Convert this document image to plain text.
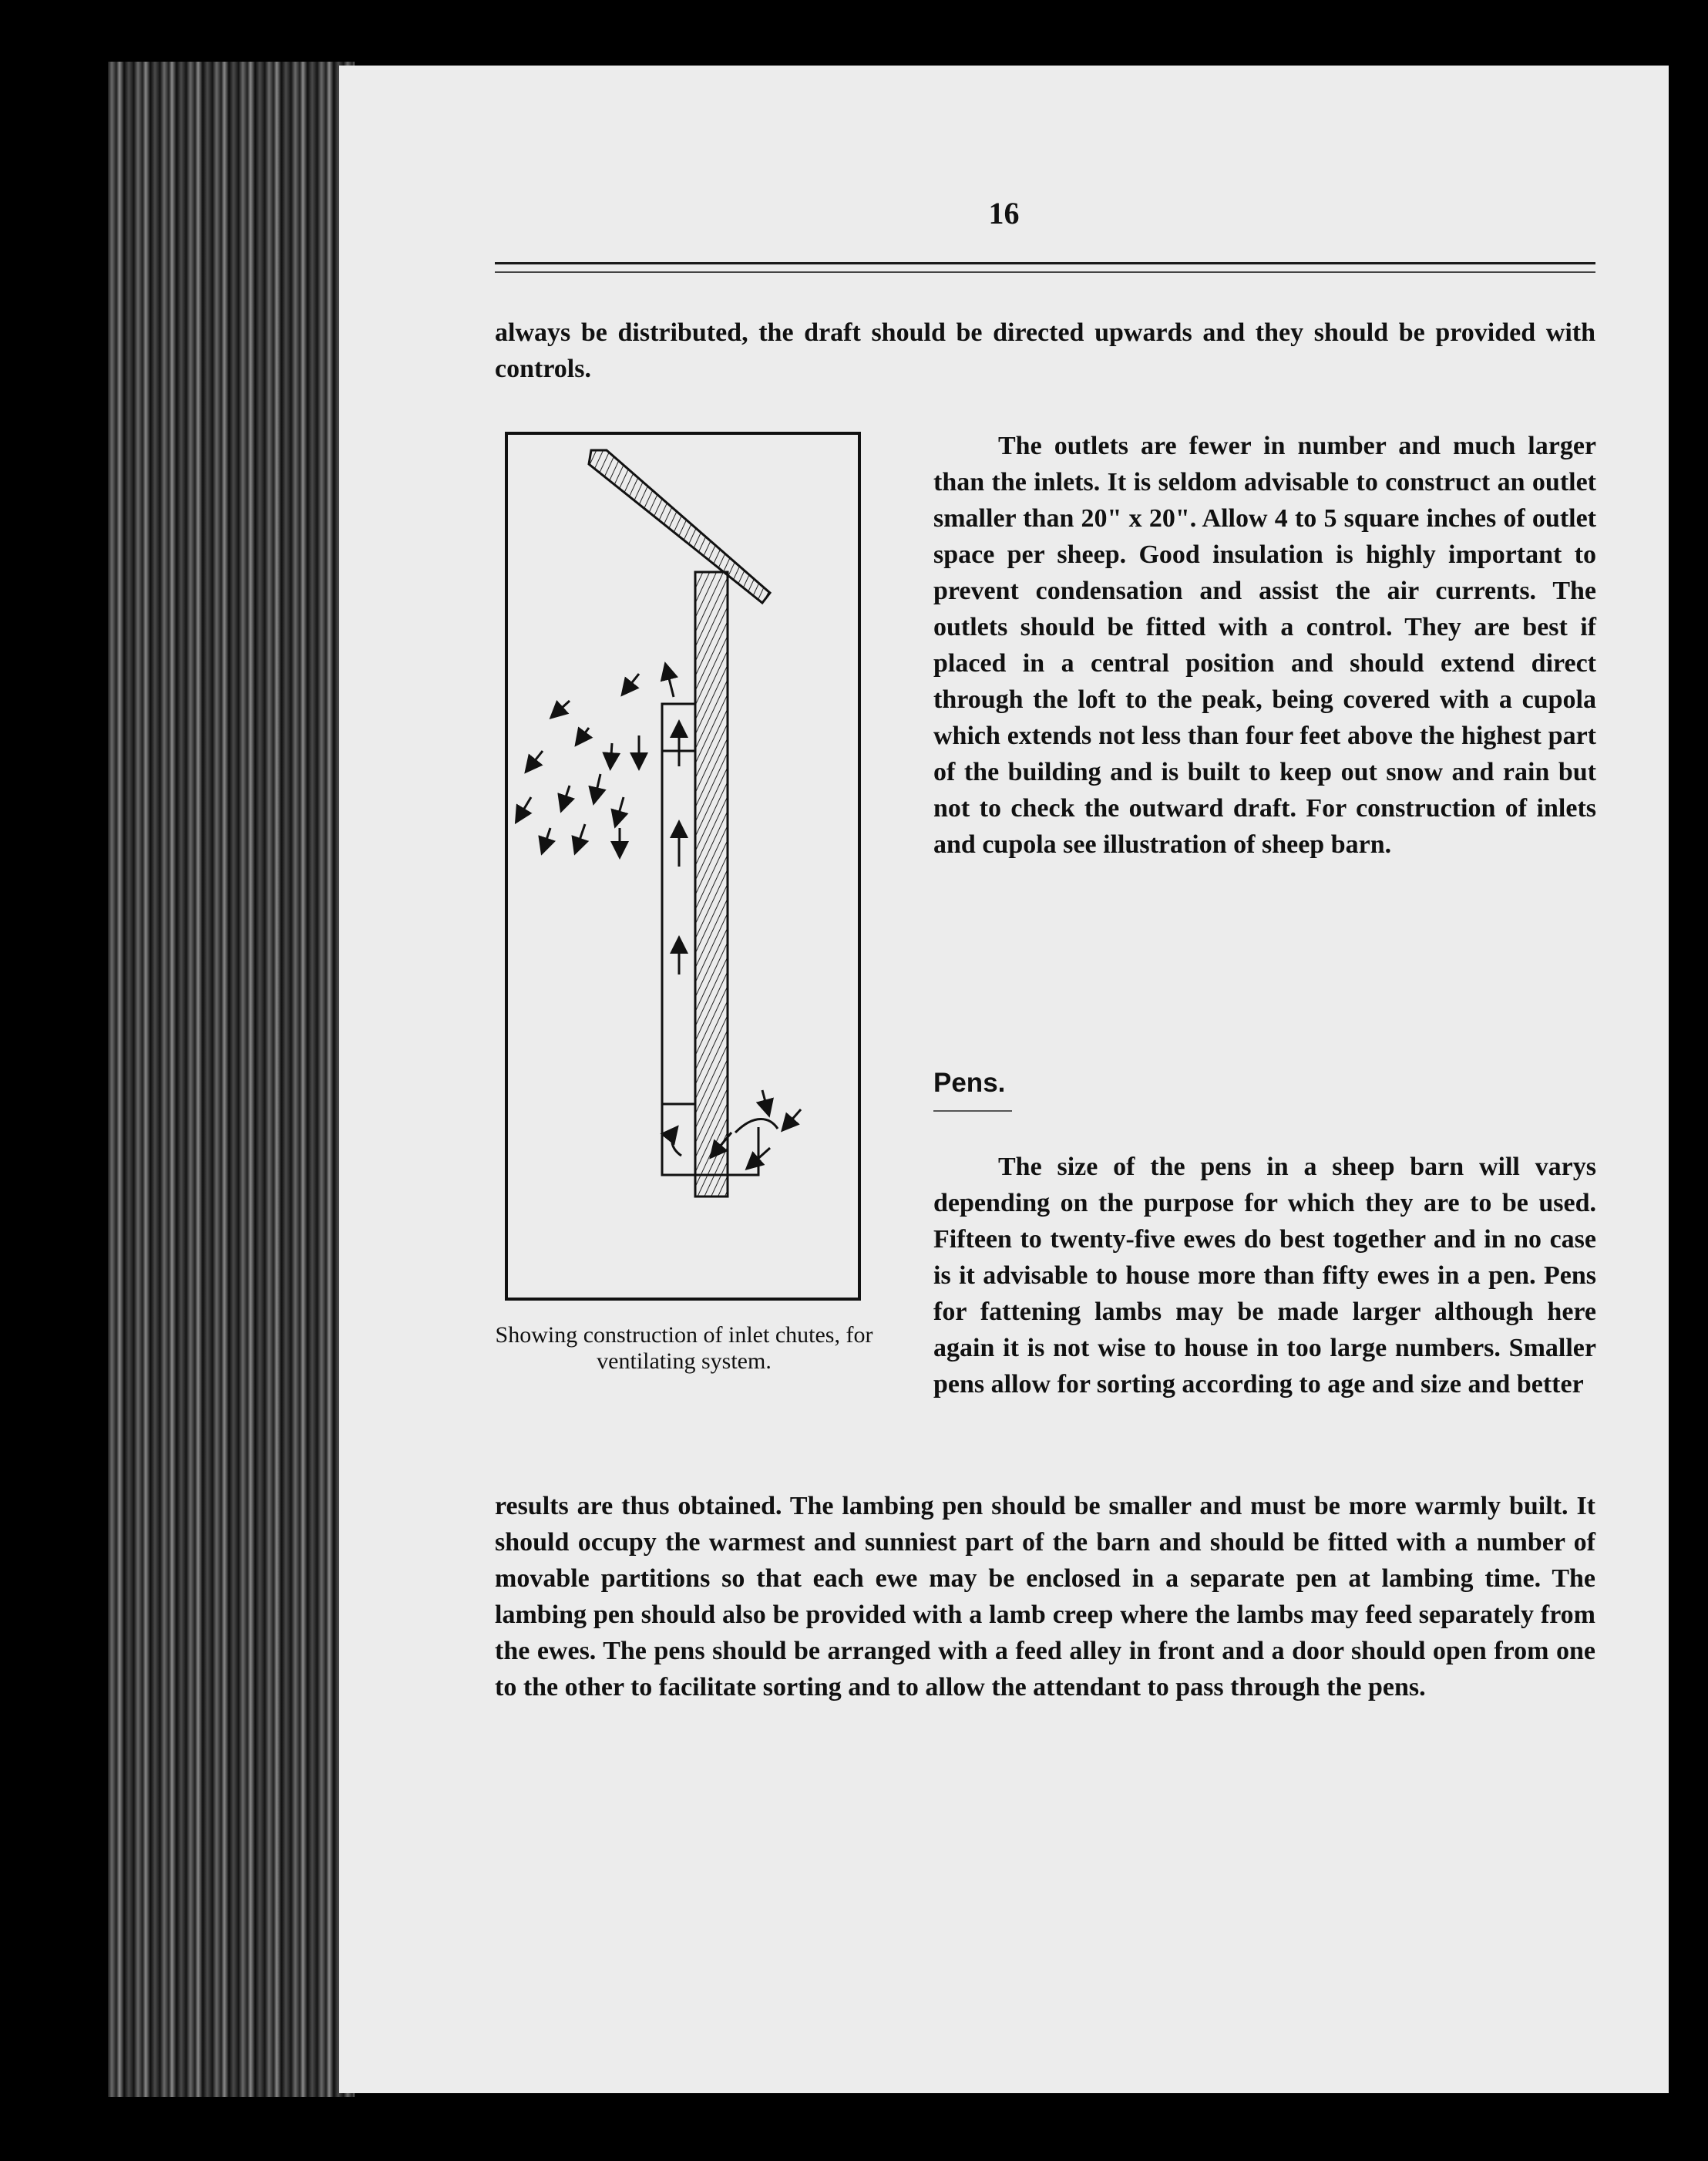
16

always be distributed, the draft should be directed upwards and they should be provided with controls.

Showing construction of inlet chutes, for ventilating system.

The outlets are fewer in number and much larger than the inlets. It is seldom advisable to construct an outlet smaller than 20" x 20". Allow 4 to 5 square inches of outlet space per sheep. Good insulation is highly important to prevent condensation and assist the air currents. The outlets should be fitted with a control. They are best if placed in a central position and should extend direct through the loft to the peak, being covered with a cupola which extends not less than four feet above the highest part of the building and is built to keep out snow and rain but not to check the outward draft. For construction of inlets and cupola see illustration of sheep barn.

Pens.

The size of the pens in a sheep barn will varys depending on the purpose for which they are to be used. Fifteen to twenty-five ewes do best together and in no case is it advisable to house more than fifty ewes in a pen. Pens for fattening lambs may be made larger although here again it is not wise to house in too large numbers. Smaller pens allow for sorting according to age and size and better

results are thus obtained. The lambing pen should be smaller and must be more warmly built. It should occupy the warmest and sunniest part of the barn and should be fitted with a number of movable partitions so that each ewe may be enclosed in a separate pen at lambing time. The lambing pen should also be provided with a lamb creep where the lambs may feed separately from the ewes. The pens should be arranged with a feed alley in front and a door should open from one to the other to facilitate sorting and to allow the attendant to pass through the pens.
